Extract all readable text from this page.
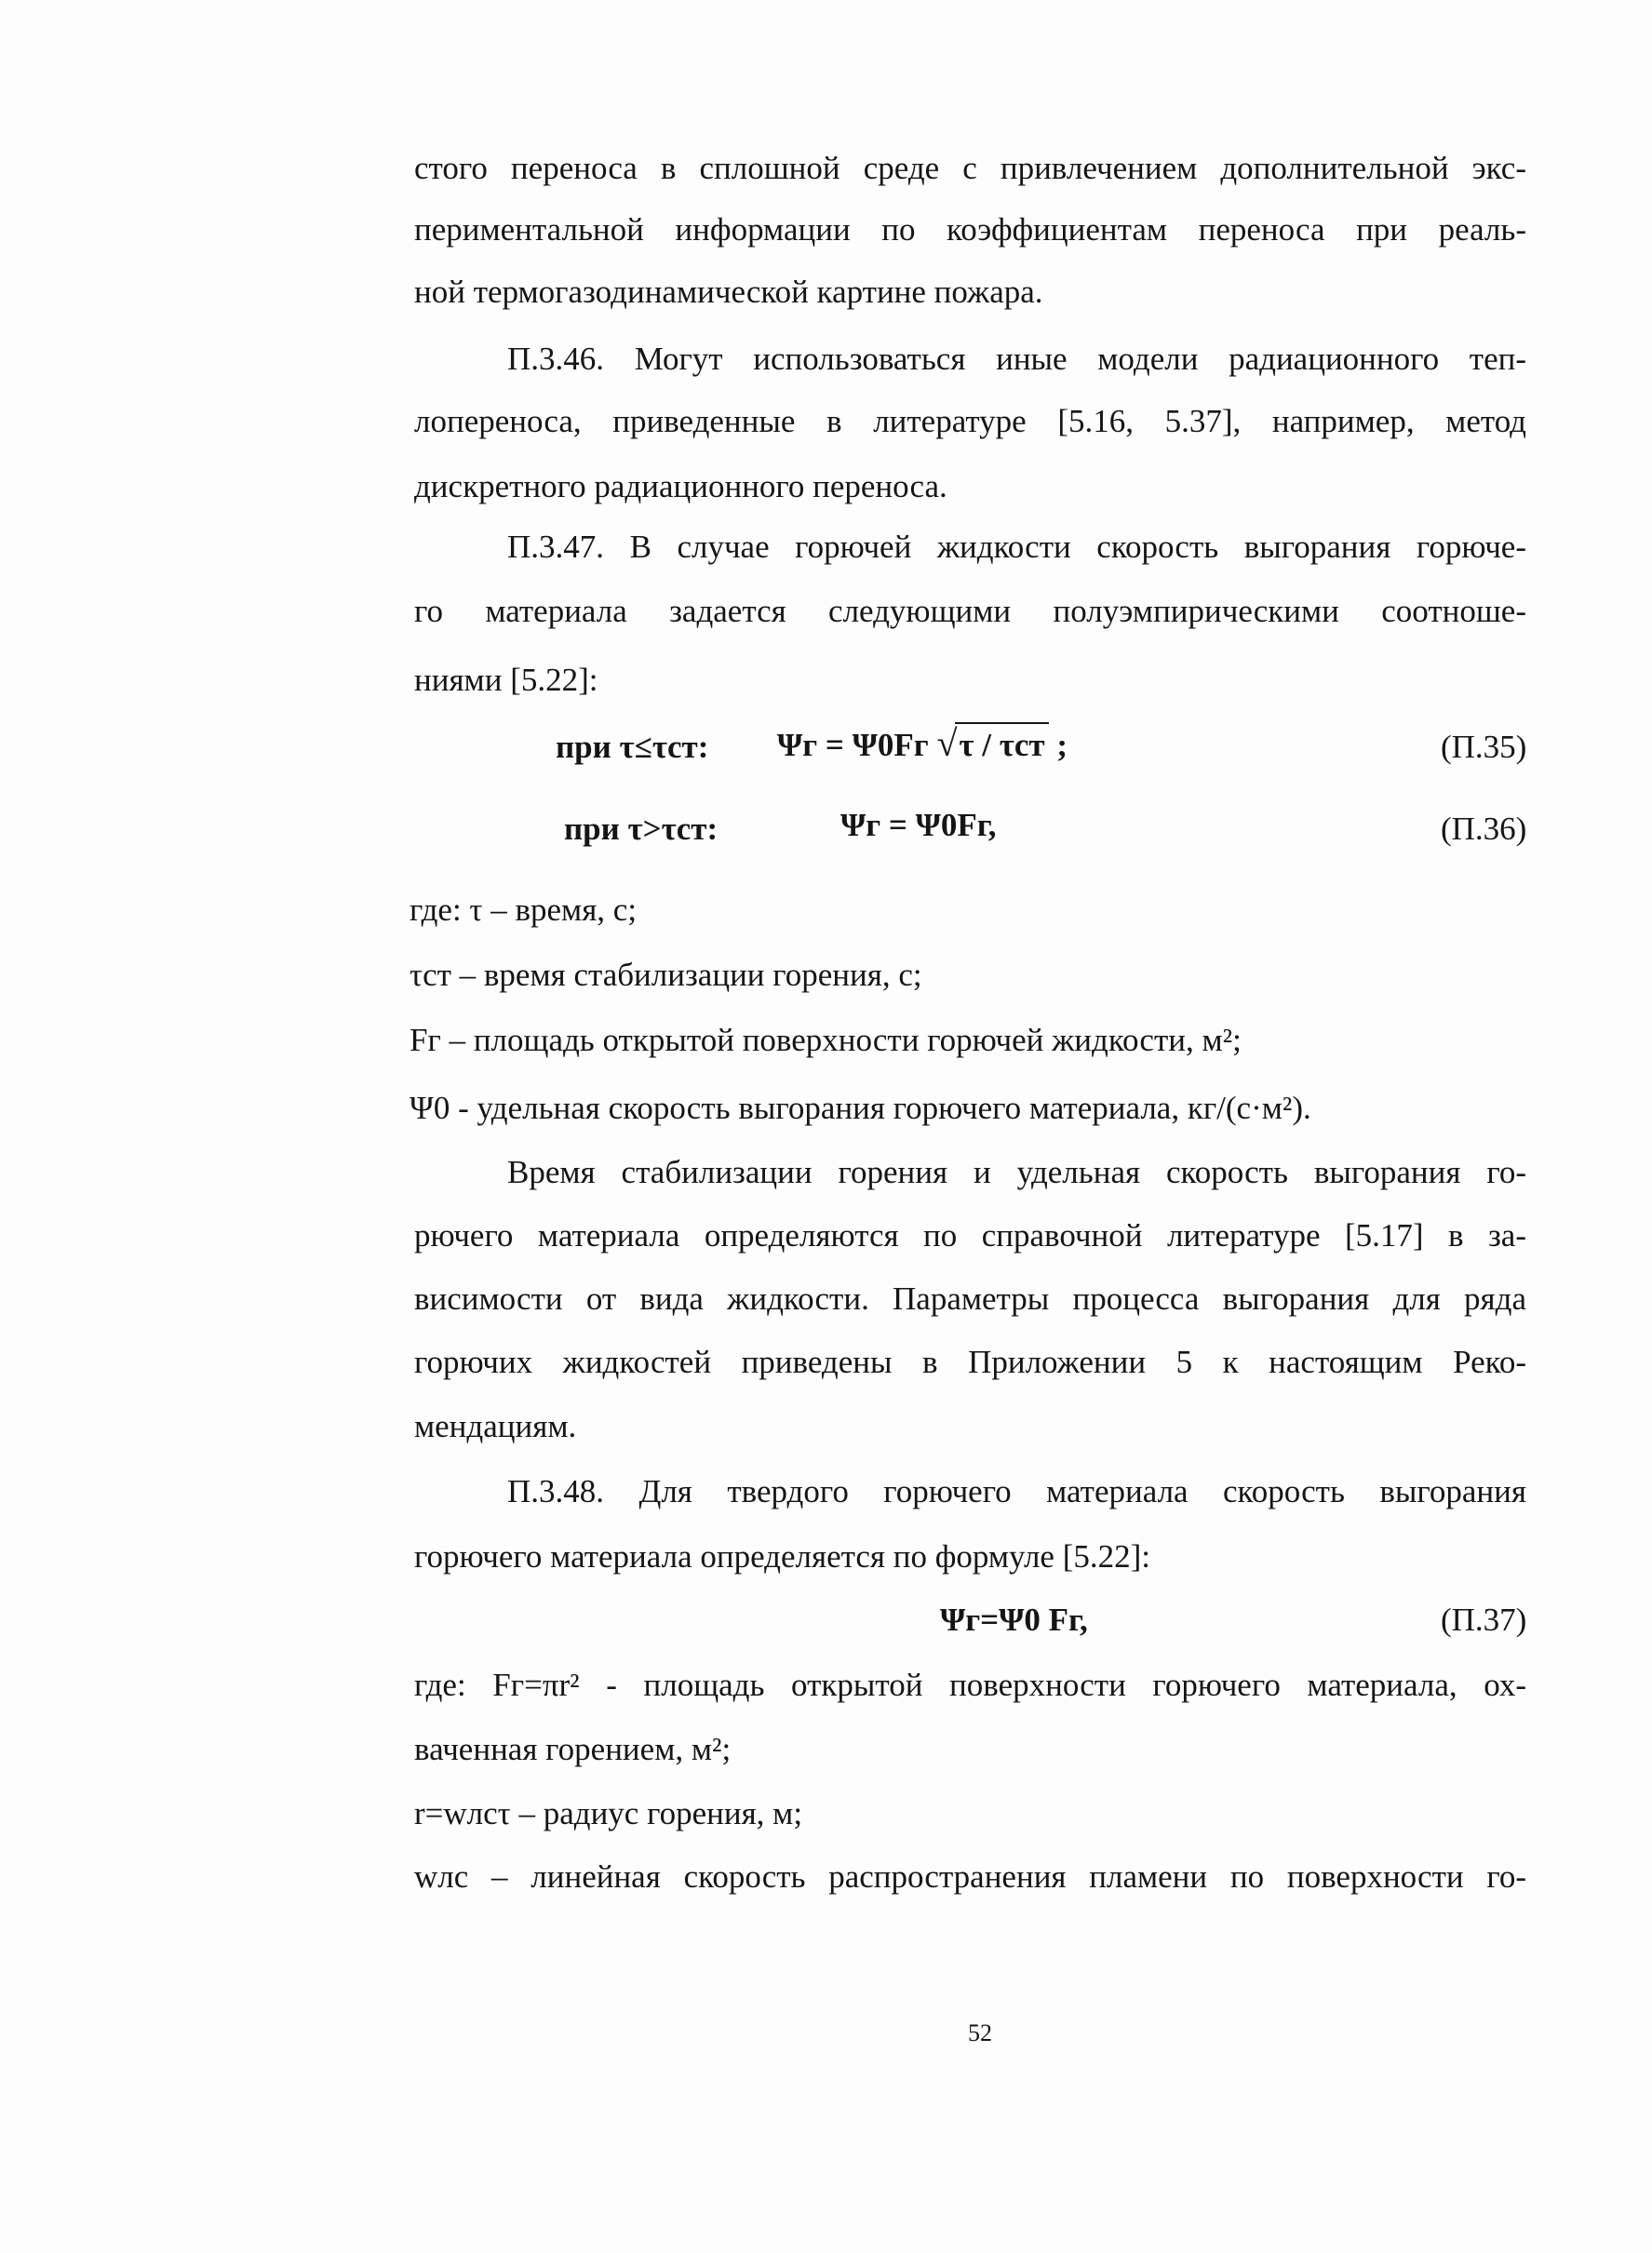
стого переноса в сплошной среде с привлечением дополнительной экс-
периментальной информации по коэффициентам переноса при реаль-
ной термогазодинамической картине пожара.
П.3.46. Могут использоваться иные модели радиационного теп-
лопереноса, приведенные в литературе [5.16, 5.37], например, метод
дискретного радиационного переноса.
П.3.47. В случае горючей жидкости скорость выгорания горюче-
го материала задается следующими полуэмпирическими соотноше-
ниями [5.22]:
при τ≤τст: Ψг = Ψ0Fг √τ / τст ;	(П.35)
при τ>τст:	Ψг = Ψ0Fг,	(П.36)
где: τ – время, с;
τст – время стабилизации горения, с;
Fг – площадь открытой поверхности горючей жидкости, м²;
Ψ0 - удельная скорость выгорания горючего материала, кг/(с·м²).
Время стабилизации горения и удельная скорость выгорания го-
рючего материала определяются по справочной литературе [5.17] в за-
висимости от вида жидкости. Параметры процесса выгорания для ряда
горючих жидкостей приведены в Приложении 5 к настоящим Реко-
мендациям.
П.3.48. Для твердого горючего материала скорость выгорания
горючего материала определяется по формуле [5.22]:
Ψг=Ψ0 Fг,	(П.37)
где: Fг=πr² - площадь открытой поверхности горючего материала, ох-
ваченная горением, м²;
r=wлсτ – радиус горения, м;
wлс – линейная скорость распространения пламени по поверхности го-
52
